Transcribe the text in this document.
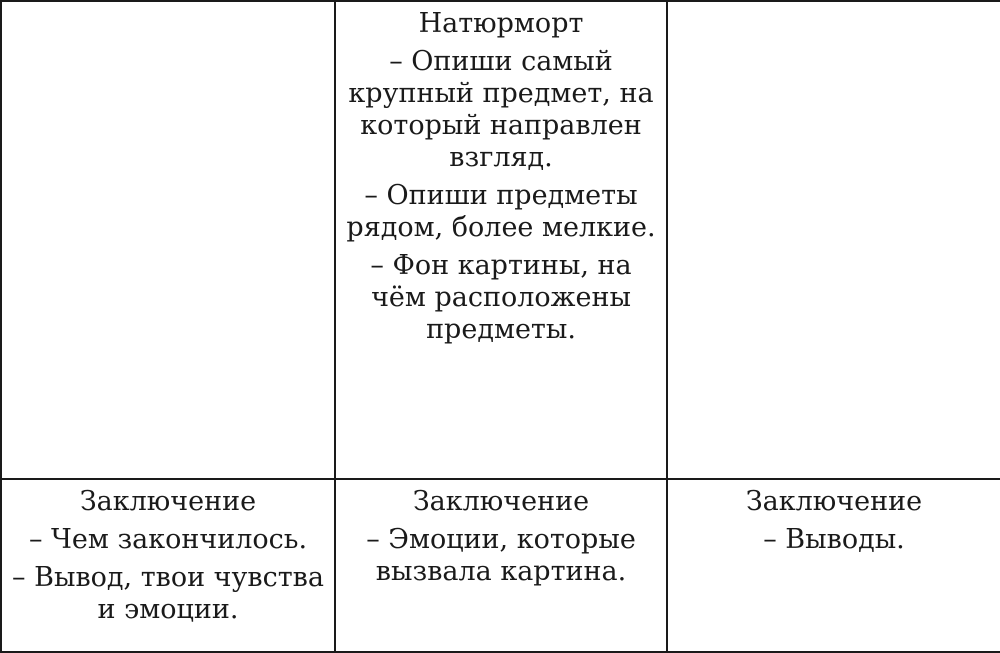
	Натюрморт
– Опиши самый крупный предмет, на который направлен взгляд.
– Опиши предметы рядом, более мелкие.
– Фон картины, на чём расположены предметы.	

Заключение
– Чем закончилось.
– Вывод, твои чувства и эмоции.	Заключение
– Эмоции, которые вызвала картина.	Заключение
– Выводы.
